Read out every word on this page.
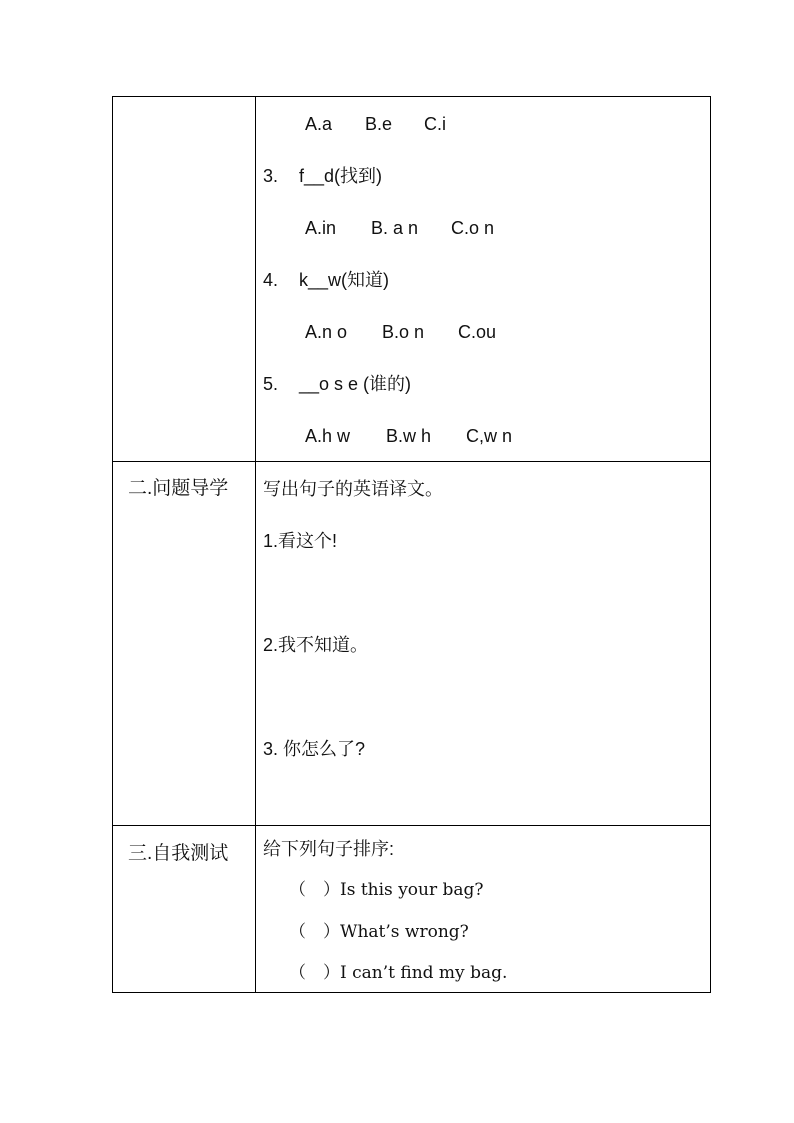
A.a B.e C.i
3. f__d(找到)
A.in B. a n C.o n
4. k__w(知道)
A.n o B.o n C.ou
5. __o s e (谁的)
A.h w B.w h C,w n
二.问题导学 写出句子的英语译文。
1.看这个!
2.我不知道。
3. 你怎么了?
三.自我测试 给下列句子排序:
（　）Is this your bag?
（　）What’s wrong?
（　）I can’t find my bag.
